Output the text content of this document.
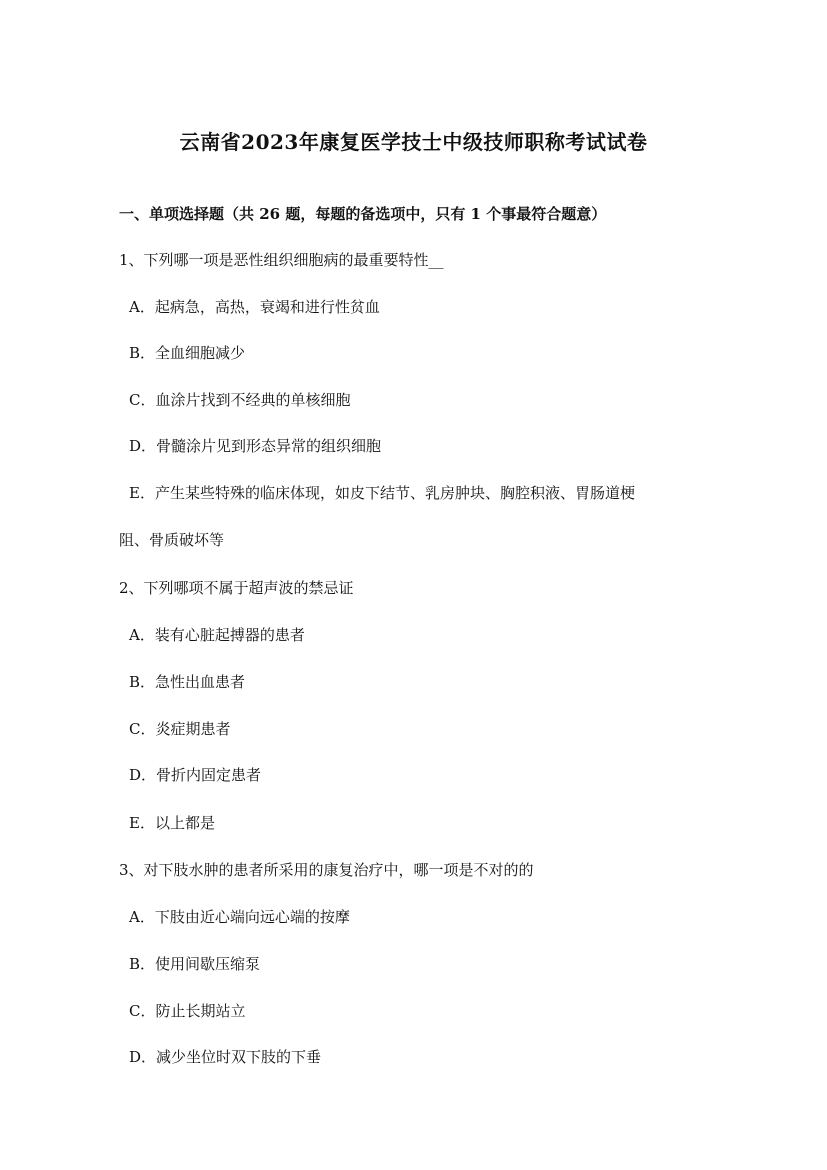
云南省2023年康复医学技士中级技师职称考试试卷
一、单项选择题（共 26 题，每题的备选项中，只有 1 个事最符合题意）
1、下列哪一项是恶性组织细胞病的最重要特性__
A．起病急，高热，衰竭和进行性贫血
B．全血细胞减少
C．血涂片找到不经典的单核细胞
D．骨髓涂片见到形态异常的组织细胞
E．产生某些特殊的临床体现，如皮下结节、乳房肿块、胸腔积液、胃肠道梗
阻、骨质破坏等
2、下列哪项不属于超声波的禁忌证
A．装有心脏起搏器的患者
B．急性出血患者
C．炎症期患者
D．骨折内固定患者
E．以上都是
3、对下肢水肿的患者所采用的康复治疗中，哪一项是不对的的
A．下肢由近心端向远心端的按摩
B．使用间歇压缩泵
C．防止长期站立
D．减少坐位时双下肢的下垂
